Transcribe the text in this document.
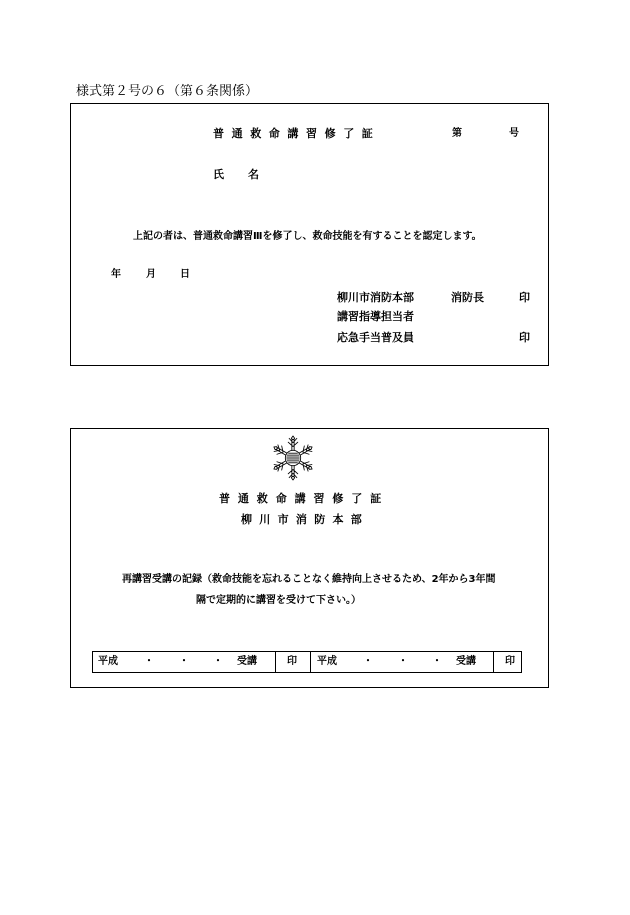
様式第２号の６（第６条関係）
普通救命講習修了証	第	号
氏名
上記の者は、普通救命講習Ⅲを修了し、救命技能を有することを認定します。
年	月 日
柳川市消防本部	消防長	印
講習指導担当者
応急手当普及員	印
普通救命講習修了証
柳川市消防本部
再講習受講の記録（救命技能を忘れることなく維持向上させるため、2年から3年間
隔で定期的に講習を受けて下さい。）
平成	・	・ ・ 受講	印 平成	・	・ ・ 受講	印
